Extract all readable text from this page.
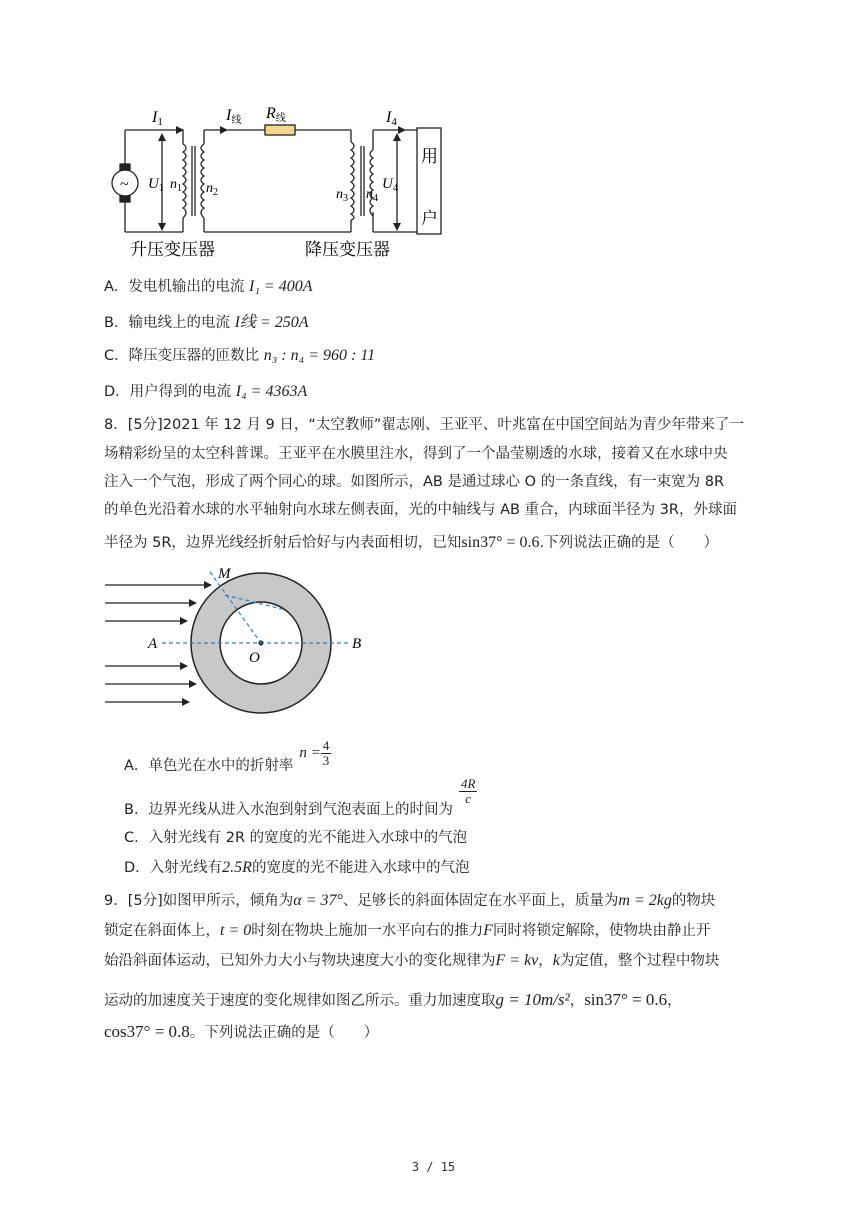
~
I1	I线 R线	I4
$U_1$ $n_1$ $n_2$	$n_3$ $n_4$
$U_4$
用
户
升压变压器	降压变压器
A．发电机输出的电流 I₁ = 400A
B．输电线上的电流 I线 = 250A
C．降压变压器的匝数比 n₃ : n₄ = 960 : 11
D．用户得到的电流 I₄ = 4363A
8．[5分]2021 年 12 月 9 日，“太空教师”翟志刚、王亚平、叶兆富在中国空间站为青少年带来了一
场精彩纷呈的太空科普课。王亚平在水膜里注水，得到了一个晶莹剔透的水球，接着又在水球中央
注入一个气泡，形成了两个同心的球。如图所示，AB 是通过球心 O 的一条直线，有一束宽为 8R
的单色光沿着水球的水平轴射向水球左侧表面，光的中轴线与 AB 重合，内球面半径为 3R，外球面
半径为 5R，边界光线经折射后恰好与内表面相切，已知sin37° = 0.6.下列说法正确的是（　　）
M
A	B
O
A．单色光在水中的折射率
$n = \frac{4}{3}$
B．边界光线从进入水泡到射到气泡表面上的时间为
$\frac{4R}{c}$
C．入射光线有 2R 的宽度的光不能进入水球中的气泡
D．入射光线有2.5R的宽度的光不能进入水球中的气泡
9．[5分]如图甲所示，倾角为α = 37°、足够长的斜面体固定在水平面上，质量为m = 2kg的物块
锁定在斜面体上，t = 0时刻在物块上施加一水平向右的推力F同时将锁定解除，使物块由静止开
始沿斜面体运动，已知外力大小与物块速度大小的变化规律为F = kv，k为定值，整个过程中物块
运动的加速度关于速度的变化规律如图乙所示。重力加速度取g = 10m/s²，sin37° = 0.6，
cos37° = 0.8。下列说法正确的是（　　）
3 / 15
